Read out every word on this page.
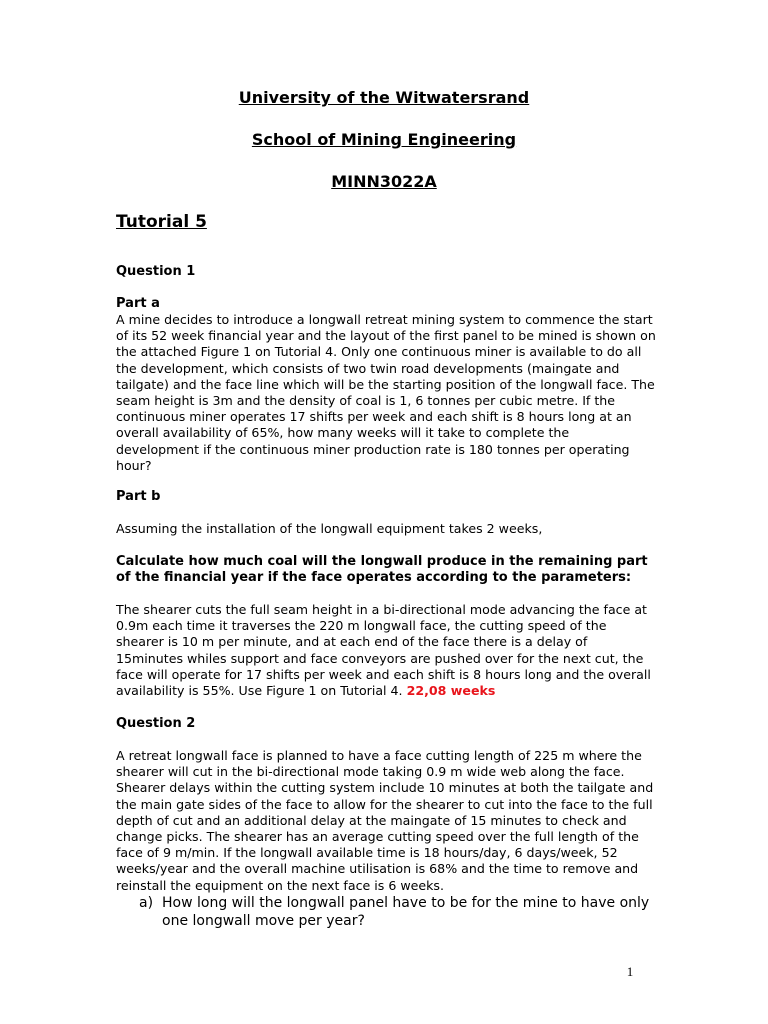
University of the Witwatersrand
School of Mining Engineering
MINN3022A
Tutorial 5
Question 1
Part a

A mine decides to introduce a longwall retreat mining system to commence the start of its 52 week financial year and the layout of the first panel to be mined is shown on the attached Figure 1 on Tutorial 4. Only one continuous miner is available to do all the development, which consists of two twin road developments (maingate and tailgate) and the face line which will be the starting position of the longwall face. The seam height is 3m and the density of coal is 1, 6 tonnes per cubic metre. If the continuous miner operates 17 shifts per week and each shift is 8 hours long at an overall availability of 65%, how many weeks will it take to complete the development if the continuous miner production rate is 180 tonnes per operating hour?

Part b

Assuming the installation of the longwall equipment takes 2 weeks,

Calculate how much coal will the longwall produce in the remaining part of the financial year if the face operates according to the parameters:

The shearer cuts the full seam height in a bi-directional mode advancing the face at 0.9m each time it traverses the 220 m longwall face, the cutting speed of the shearer is 10 m per minute, and at each end of the face there is a delay of 15minutes whiles support and face conveyors are pushed over for the next cut, the face will operate for 17 shifts per week and each shift is 8 hours long and the overall availability is 55%. Use Figure 1 on Tutorial 4. 22,08 weeks

Question 2

A retreat longwall face is planned to have a face cutting length of 225 m where the shearer will cut in the bi-directional mode taking 0.9 m wide web along the face. Shearer delays within the cutting system include 10 minutes at both the tailgate and the main gate sides of the face to allow for the shearer to cut into the face to the full depth of cut and an additional delay at the maingate of 15 minutes to check and change picks. The shearer has an average cutting speed over the full length of the face of 9 m/min. If the longwall available time is 18 hours/day, 6 days/week, 52 weeks/year and the overall machine utilisation is 68% and the time to remove and reinstall the equipment on the next face is 6 weeks.

a) How long will the longwall panel have to be for the mine to have only one longwall move per year?
1
